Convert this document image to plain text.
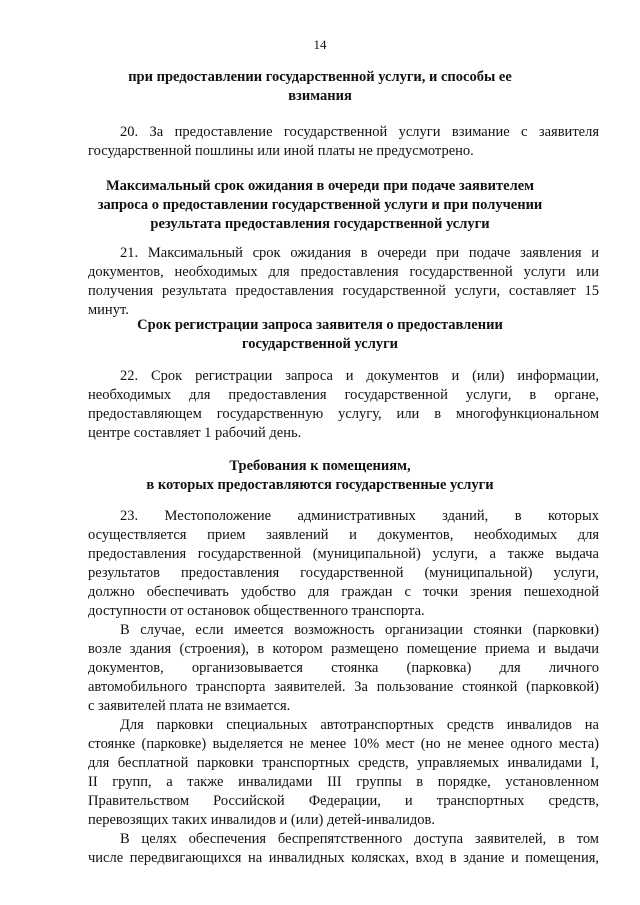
14
при предоставлении государственной услуги, и способы ее
взимания
20. За предоставление государственной услуги взимание с заявителя
государственной пошлины или иной платы не предусмотрено.
Максимальный срок ожидания в очереди при подаче заявителем
запроса о предоставлении государственной услуги и при получении
результата предоставления государственной услуги
21. Максимальный срок ожидания в очереди при подаче заявления и
документов, необходимых для предоставления государственной услуги или
получения результата предоставления государственной услуги, составляет 15
минут.
Срок регистрации запроса заявителя о предоставлении
государственной услуги
22. Срок регистрации запроса и документов и (или) информации,
необходимых для предоставления государственной услуги, в органе,
предоставляющем государственную услугу, или в многофункциональном
центре составляет 1 рабочий день.
Требования к помещениям,
в которых предоставляются государственные услуги
23. Местоположение административных зданий, в которых
осуществляется прием заявлений и документов, необходимых для
предоставления государственной (муниципальной) услуги, а также выдача
результатов предоставления государственной (муниципальной) услуги,
должно обеспечивать удобство для граждан с точки зрения пешеходной
доступности от остановок общественного транспорта.
В случае, если имеется возможность организации стоянки (парковки)
возле здания (строения), в котором размещено помещение приема и выдачи
документов, организовывается стоянка (парковка) для личного
автомобильного транспорта заявителей. За пользование стоянкой (парковкой)
с заявителей плата не взимается.
Для парковки специальных автотранспортных средств инвалидов на
стоянке (парковке) выделяется не менее 10% мест (но не менее одного места)
для бесплатной парковки транспортных средств, управляемых инвалидами I,
II групп, а также инвалидами III группы в порядке, установленном
Правительством Российской Федерации, и транспортных средств,
перевозящих таких инвалидов и (или) детей-инвалидов.
В целях обеспечения беспрепятственного доступа заявителей, в том
числе передвигающихся на инвалидных колясках, вход в здание и помещения,
